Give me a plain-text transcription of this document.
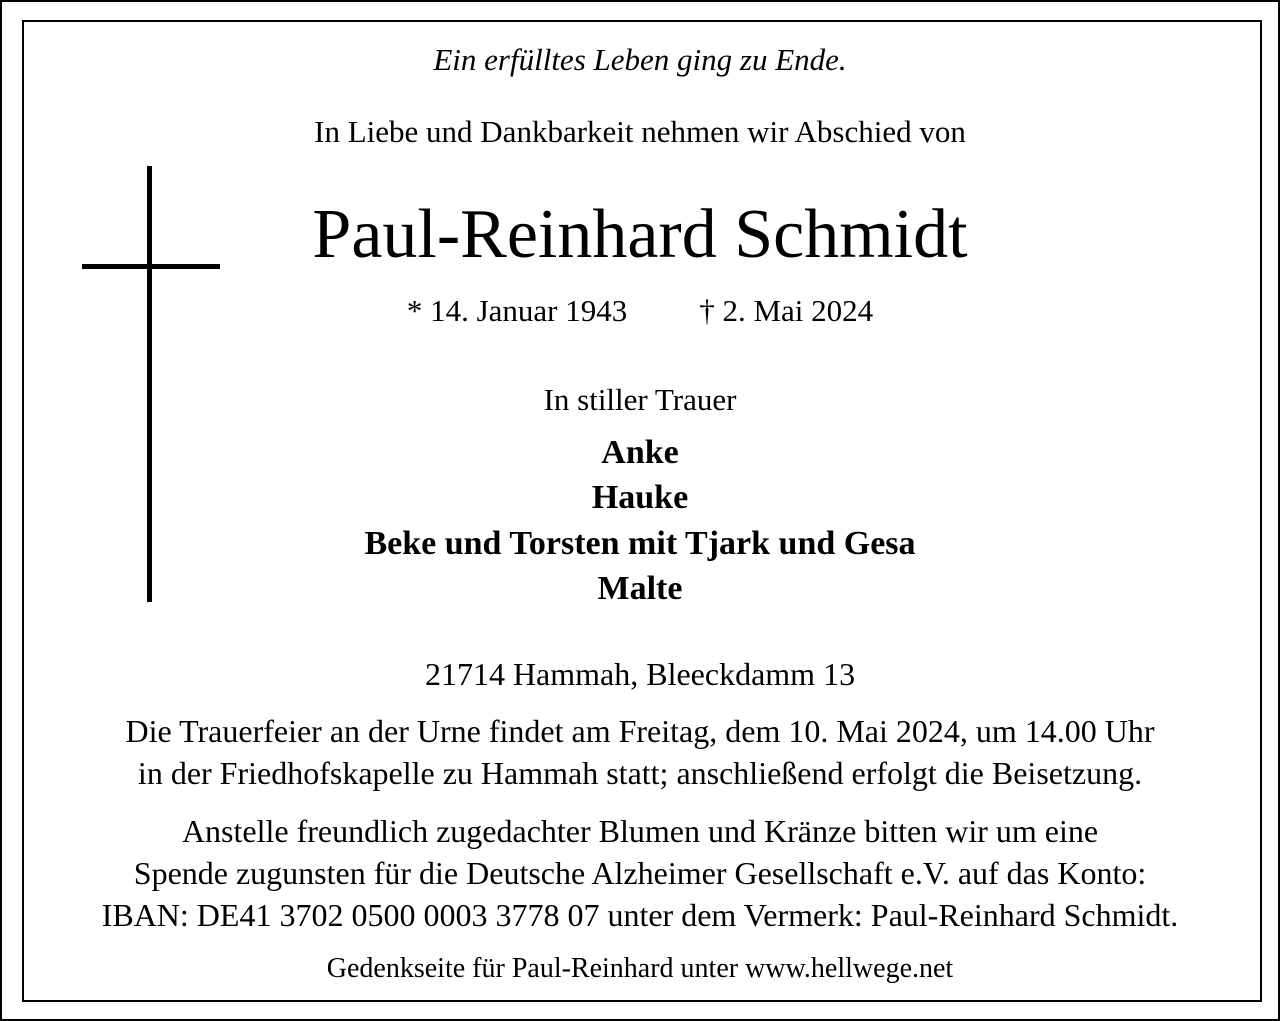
Ein erfülltes Leben ging zu Ende.
In Liebe und Dankbarkeit nehmen wir Abschied von
Paul-Reinhard Schmidt
* 14. Januar 1943 † 2. Mai 2024
In stiller Trauer
Anke
Hauke
Beke und Torsten mit Tjark und Gesa
Malte
21714 Hammah, Bleeckdamm 13
Die Trauerfeier an der Urne findet am Freitag, dem 10. Mai 2024, um 14.00 Uhr
in der Friedhofskapelle zu Hammah statt; anschließend erfolgt die Beisetzung.
Anstelle freundlich zugedachter Blumen und Kränze bitten wir um eine
Spende zugunsten für die Deutsche Alzheimer Gesellschaft e.V. auf das Konto:
IBAN: DE41 3702 0500 0003 3778 07 unter dem Vermerk: Paul-Reinhard Schmidt.
Gedenkseite für Paul-Reinhard unter www.hellwege.net
